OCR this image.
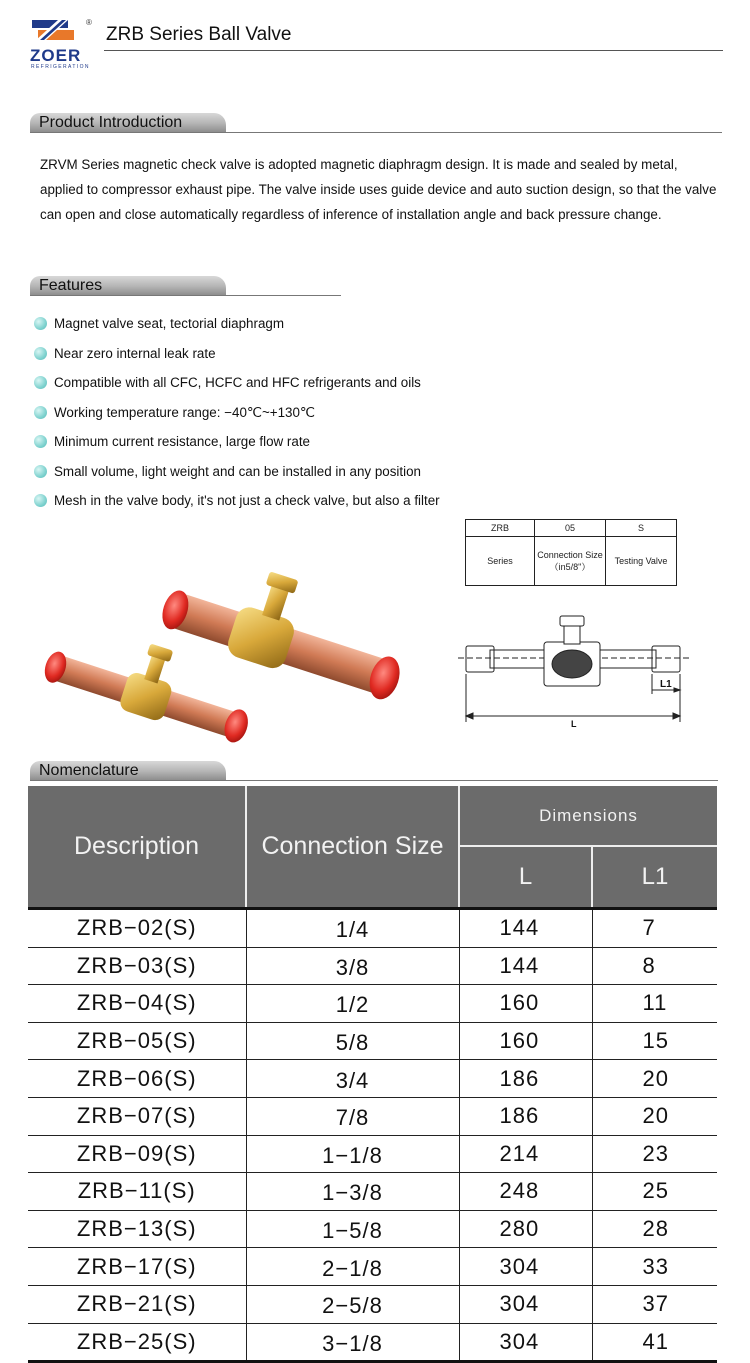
®
ZOER
REFRIGERATION
ZRB Series Ball Valve
Product Introduction
ZRVM Series magnetic check valve is adopted magnetic diaphragm design. It is made and sealed by metal, applied to compressor exhaust pipe. The valve inside uses guide device and auto suction design, so that the valve can open and close automatically regardless of inference of installation angle and back pressure change.
Features
Magnet valve seat, tectorial diaphragm
Near zero internal leak rate
Compatible with all CFC, HCFC and HFC refrigerants and oils
Working temperature range: −40℃~+130℃
Minimum current resistance, large flow rate
Small volume, light weight and can be installed in any position
Mesh in the valve body, it's not just a check valve, but also a filter
ZRB	05	S
Series	Connection Size（in5/8"）	Testing Valve
L1
L
Nomenclature
Description	Connection Size	Dimensions	
		L	L1
ZRB−02(S)	1/4	144	7
ZRB−03(S)	3/8	144	8
ZRB−04(S)	1/2	160	11
ZRB−05(S)	5/8	160	15
ZRB−06(S)	3/4	186	20
ZRB−07(S)	7/8	186	20
ZRB−09(S)	1−1/8	214	23
ZRB−11(S)	1−3/8	248	25
ZRB−13(S)	1−5/8	280	28
ZRB−17(S)	2−1/8	304	33
ZRB−21(S)	2−5/8	304	37
ZRB−25(S)	3−1/8	304	41
